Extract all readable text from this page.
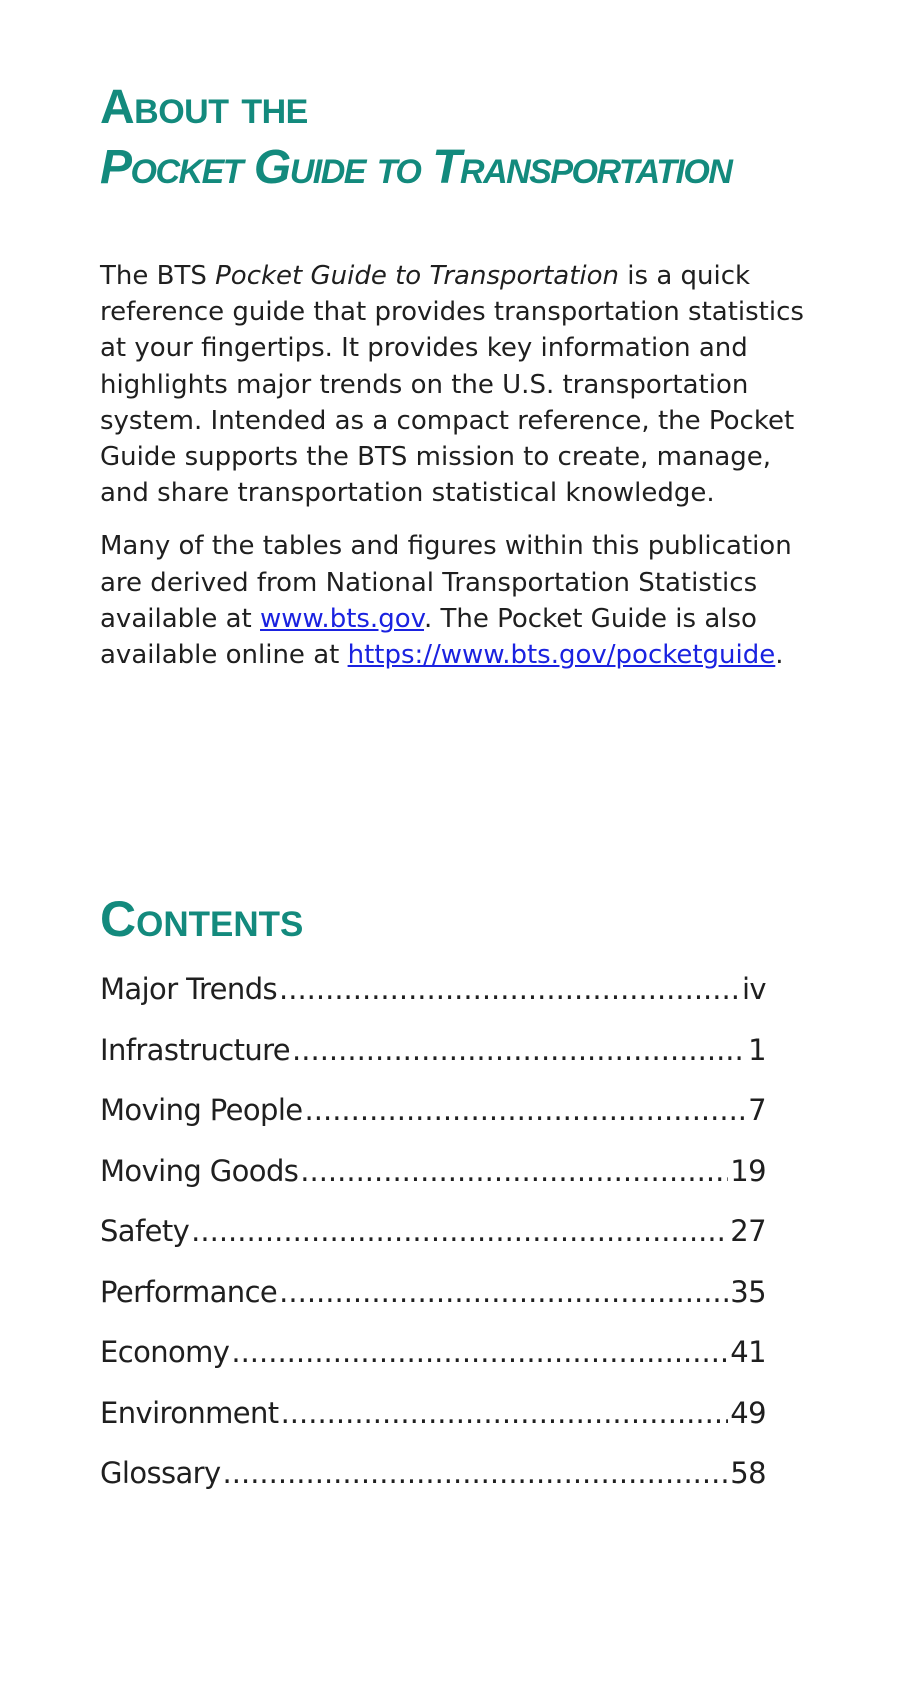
About the
Pocket Guide to Transportation

The BTS Pocket Guide to Transportation is a quick reference guide that provides transportation statistics at your fingertips. It provides key information and highlights major trends on the U.S. transportation system. Intended as a compact reference, the Pocket Guide supports the BTS mission to create, manage, and share transportation statistical knowledge.

Many of the tables and figures within this publication are derived from National Transportation Statistics available at www.bts.gov. The Pocket Guide is also available online at https://www.bts.gov/pocketguide.

Contents
Major Trends .....	iv
Infrastructure .....	1
Moving People .....	7
Moving Goods .....	19
Safety .....	27
Performance .....	35
Economy .....	41
Environment .....	49
Glossary .....	58
